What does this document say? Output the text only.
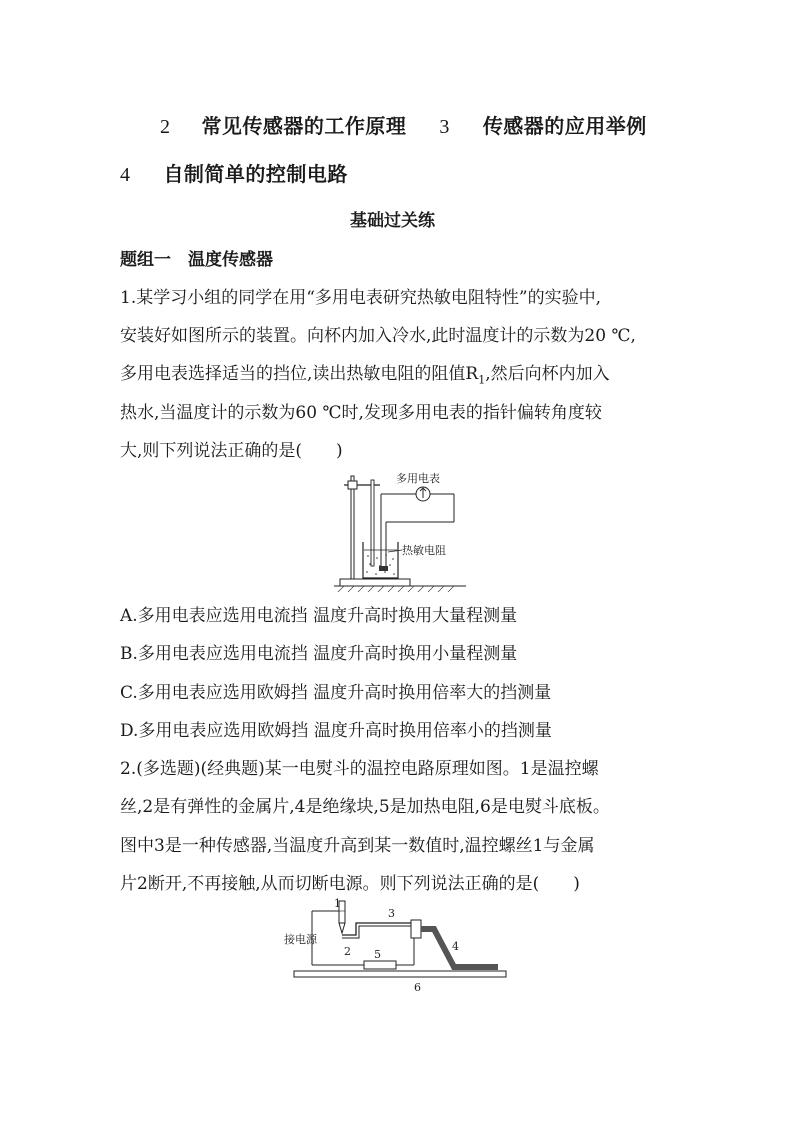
2 常见传感器的工作原理 3 传感器的应用举例
4 自制简单的控制电路
基础过关练
题组一　温度传感器
1.某学习小组的同学在用“多用电表研究热敏电阻特性”的实验中,
安装好如图所示的装置。向杯内加入冷水,此时温度计的示数为20 ℃,
多用电表选择适当的挡位,读出热敏电阻的阻值$R_1$,然后向杯内加入
热水,当温度计的示数为60 ℃时,发现多用电表的指针偏转角度较
大,则下列说法正确的是(　　)
多用电表
热敏电阻
A.多用电表应选用电流挡 温度升高时换用大量程测量
B.多用电表应选用电流挡 温度升高时换用小量程测量
C.多用电表应选用欧姆挡 温度升高时换用倍率大的挡测量
D.多用电表应选用欧姆挡 温度升高时换用倍率小的挡测量
2.(多选题)(经典题)某一电熨斗的温控电路原理如图。1是温控螺
丝,2是有弹性的金属片,4是绝缘块,5是加热电阻,6是电熨斗底板。
图中3是一种传感器,当温度升高到某一数值时,温控螺丝1与金属
片2断开,不再接触,从而切断电源。则下列说法正确的是(　　)
接电源
1
2
3
4
5
6
